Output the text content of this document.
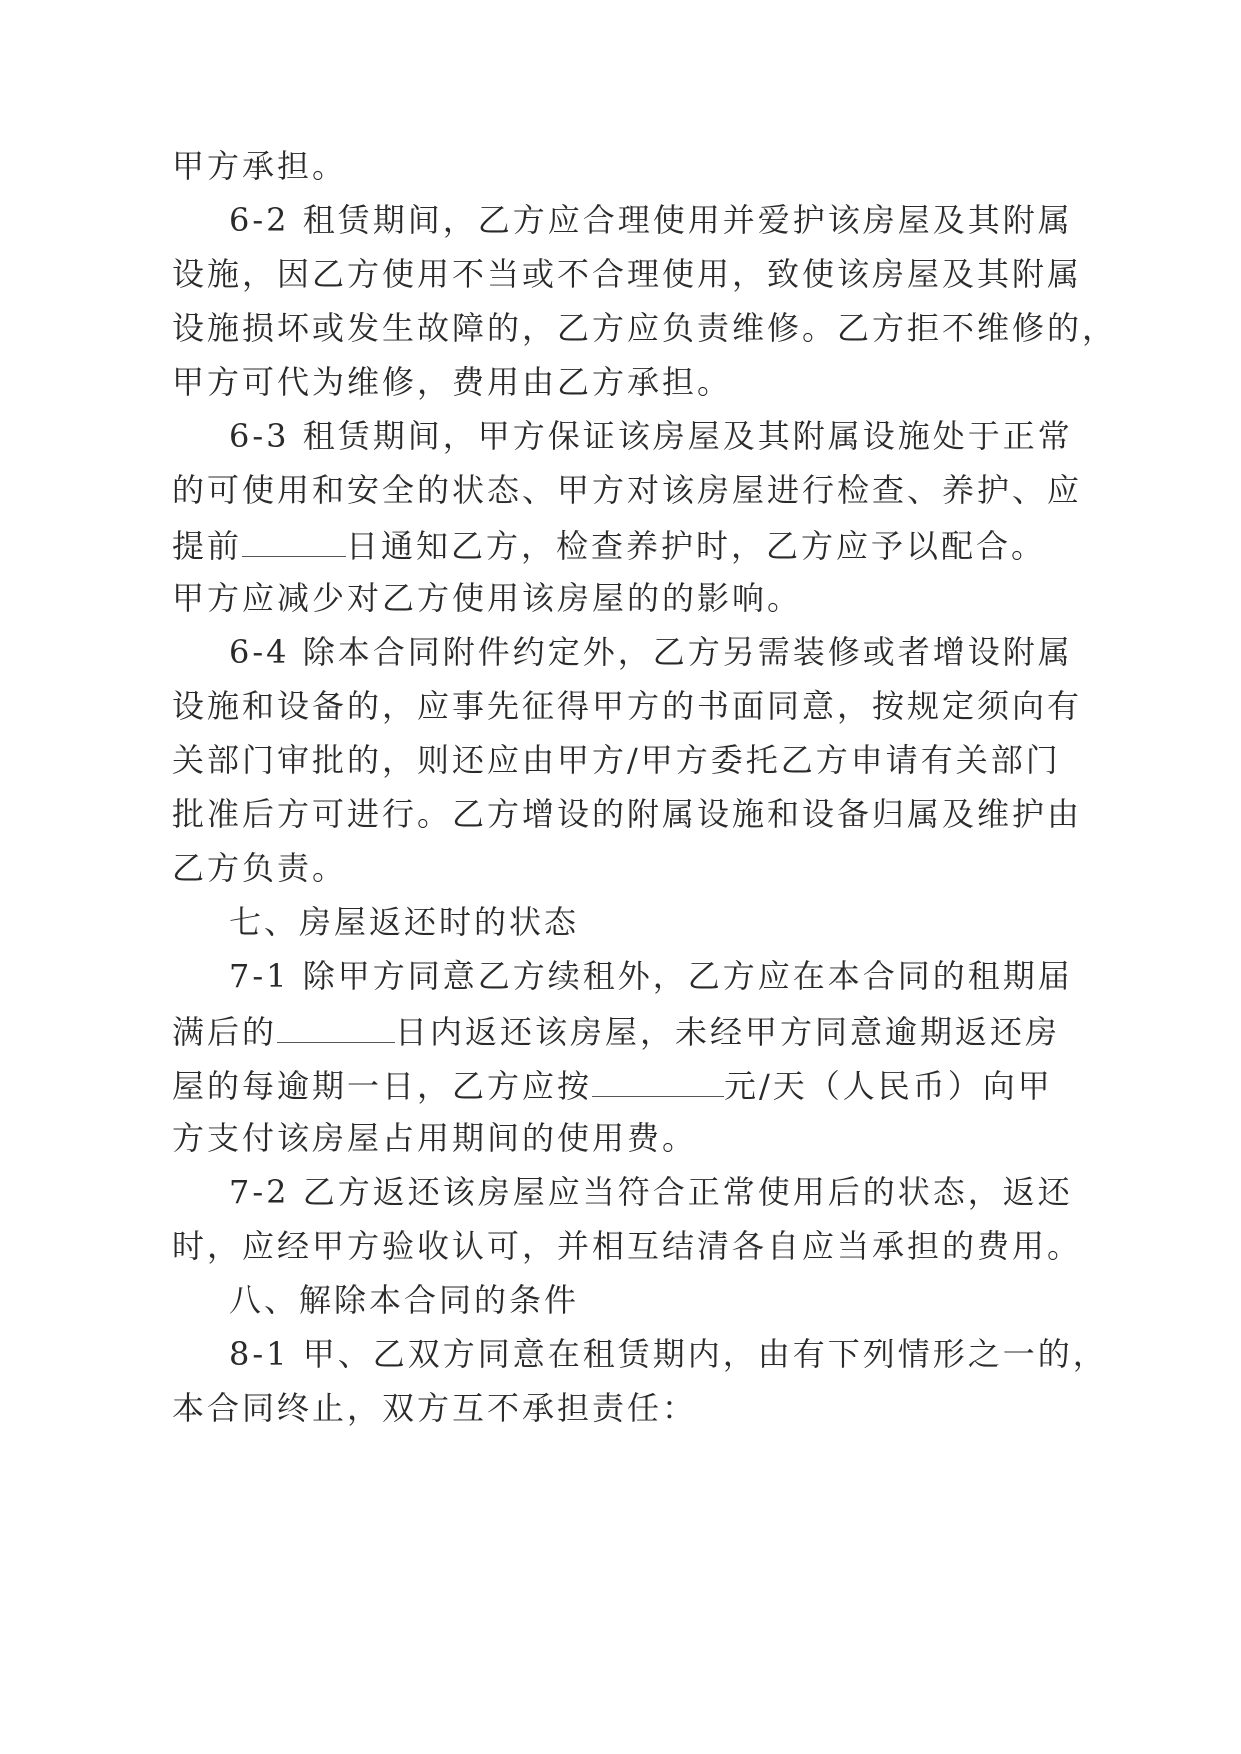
甲方承担。
6-2 租赁期间，乙方应合理使用并爱护该房屋及其附属
设施，因乙方使用不当或不合理使用，致使该房屋及其附属
设施损坏或发生故障的，乙方应负责维修。乙方拒不维修的，
甲方可代为维修，费用由乙方承担。
6-3 租赁期间，甲方保证该房屋及其附属设施处于正常
的可使用和安全的状态、甲方对该房屋进行检查、养护、应
提前	日通知乙方，检查养护时，乙方应予以配合。
甲方应减少对乙方使用该房屋的的影响。
6-4 除本合同附件约定外，乙方另需装修或者增设附属
设施和设备的，应事先征得甲方的书面同意，按规定须向有
关部门审批的，则还应由甲方/甲方委托乙方申请有关部门
批准后方可进行。乙方增设的附属设施和设备归属及维护由
乙方负责。
七、房屋返还时的状态
7-1 除甲方同意乙方续租外，乙方应在本合同的租期届
满后的	日内返还该房屋，未经甲方同意逾期返还房
屋的每逾期一日，乙方应按	元/天（人民币）向甲
方支付该房屋占用期间的使用费。
7-2 乙方返还该房屋应当符合正常使用后的状态，返还
时，应经甲方验收认可，并相互结清各自应当承担的费用。
八、解除本合同的条件
8-1 甲、乙双方同意在租赁期内，由有下列情形之一的，
本合同终止，双方互不承担责任：
